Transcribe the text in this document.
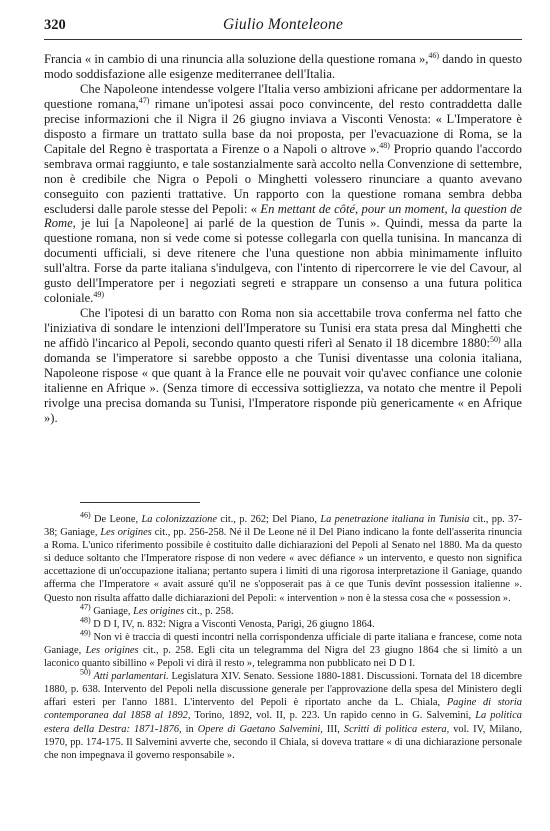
320	Giulio Monteleone

Francia « in cambio di una rinuncia alla soluzione della questione romana »,$^{46)}$ dando in questo modo soddisfazione alle esigenze mediterranee dell'Italia.

Che Napoleone intendesse volgere l'Italia verso ambizioni africane per addormentare la questione romana,$^{47)}$ rimane un'ipotesi assai poco convincente, del resto contraddetta dalle precise informazioni che il Nigra il 26 giugno inviava a Visconti Venosta: « L'Imperatore è disposto a firmare un trattato sulla base da noi proposta, per l'evacuazione di Roma, se la Capitale del Regno è trasportata a Firenze o a Napoli o altrove ».$^{48)}$ Proprio quando l'accordo sembrava ormai raggiunto, e tale sostanzialmente sarà accolto nella Convenzione di settembre, non è credibile che Nigra o Pepoli o Minghetti volessero rinunciare a quanto avevano conseguito con pazienti trattative. Un rapporto con la questione romana sembra debba escludersi dalle parole stesse del Pepoli: « En mettant de côté, pour un moment, la question de Rome, je lui [a Napoleone] ai parlé de la question de Tunis ». Quindi, messa da parte la questione romana, non si vede come si potesse collegarla con quella tunisina. In mancanza di documenti ufficiali, si deve ritenere che l'una questione non abbia minimamente influito sull'altra. Forse da parte italiana s'indulgeva, con l'intento di ripercorrere le vie del Cavour, al gusto dell'Imperatore per i negoziati segreti e strappare un consenso a una futura politica coloniale.$^{49)}$

Che l'ipotesi di un baratto con Roma non sia accettabile trova conferma nel fatto che l'iniziativa di sondare le intenzioni dell'Imperatore su Tunisi era stata presa dal Minghetti che ne affidò l'incarico al Pepoli, secondo quanto questi riferì al Senato il 18 dicembre 1880:$^{50)}$ alla domanda se l'imperatore si sarebbe opposto a che Tunisi diventasse una colonia italiana, Napoleone rispose « que quant à la France elle ne pouvait voir qu'avec confiance une colonie italienne en Afrique ». (Senza timore di eccessiva sottigliezza, va notato che mentre il Pepoli rivolge una precisa domanda su Tunisi, l'Imperatore risponde più genericamente « en Afrique »).

$^{46)}$ De Leone, La colonizzazione cit., p. 262; Del Piano, La penetrazione italiana in Tunisia cit., pp. 37-38; Ganiage, Les origines cit., pp. 256-258. Né il De Leone né il Del Piano indicano la fonte dell'asserita rinuncia a Roma. L'unico riferimento possibile è costituito dalle dichiarazioni del Pepoli al Senato nel 1880. Ma da questo si deduce soltanto che l'Imperatore rispose di non vedere « avec défiance » un intervento, e questo non significa accettazione di un'occupazione italiana; pertanto supera i limiti di una rigorosa interpretazione il Ganiage, quando afferma che l'Imperatore « avait assuré qu'il ne s'opposerait pas à ce que Tunis devînt possession italienne ». Questo non risulta affatto dalle dichiarazioni del Pepoli: « intervention » non è la stessa cosa che « possession ».

$^{47)}$ Ganiage, Les origines cit., p. 258.

$^{48)}$ D D I, IV, n. 832: Nigra a Visconti Venosta, Parigi, 26 giugno 1864.

$^{49)}$ Non vi è traccia di questi incontri nella corrispondenza ufficiale di parte italiana e francese, come nota Ganiage, Les origines cit., p. 258. Egli cita un telegramma del Nigra del 23 giugno 1864 che si limitò a un laconico quanto sibillino « Pepoli vi dirà il resto », telegramma non pubblicato nei D D I.

$^{50)}$ Atti parlamentari. Legislatura XIV. Senato. Sessione 1880-1881. Discussioni. Tornata del 18 dicembre 1880, p. 638. Intervento del Pepoli nella discussione generale per l'approvazione della spesa del Ministero degli affari esteri per l'anno 1881. L'intervento del Pepoli è riportato anche da L. Chiala, Pagine di storia contemporanea dal 1858 al 1892, Torino, 1892, vol. II, p. 223. Un rapido cenno in G. Salvemini, La politica estera della Destra: 1871-1876, in Opere di Gaetano Salvemini, III, Scritti di politica estera, vol. IV, Milano, 1970, pp. 174-175. Il Salvemini avverte che, secondo il Chiala, si doveva trattare « di una dichiarazione personale che non impegnava il governo responsabile ».
